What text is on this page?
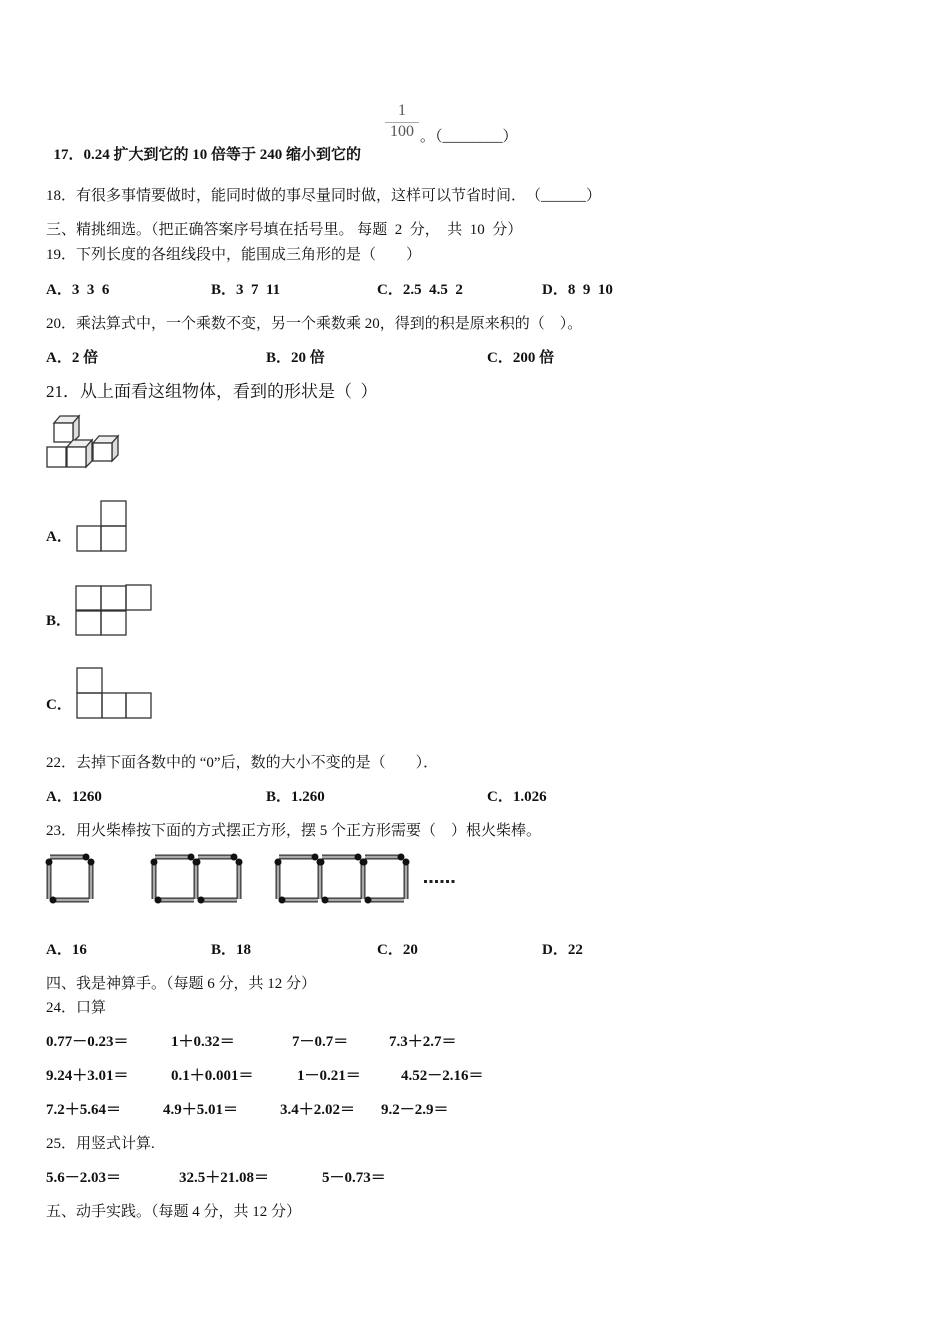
17．0.24 扩大到它的 10 倍等于 240 缩小到它的

$\frac{1}{100}$ 。（________）
18．有很多事情要做时，能同时做的事尽量同时做，这样可以节省时间．　（______）
三、精挑细选。（把正确答案序号填在括号里。 每题  2  分，  共  10  分）
19．下列长度的各组线段中，能围成三角形的是（　　）
A．3  3  6	B．3  7  11	C．2.5  4.5  2	D．8  9  10
20．乘法算式中，一个乘数不变，另一个乘数乘 20，得到的积是原来积的（　）。
A．2 倍	B．20 倍	C．200 倍
21．从上面看这组物体，看到的形状是（  ）
A．
B．
C．
22．去掉下面各数中的 “0”后，数的大小不变的是（　　）．
A．1260	B．1.260	C．1.026
23．用火柴棒按下面的方式摆正方形，摆 5 个正方形需要（　）根火柴棒。
A．16	B．18	C．20	D．22
四、我是神算手。（每题 6 分，共 12 分）
24．口算
0.77－0.23＝	1＋0.32＝	7－0.7＝	7.3＋2.7＝
9.24＋3.01＝	0.1＋0.001＝	1－0.21＝	4.52－2.16＝
7.2＋5.64＝	4.9＋5.01＝	3.4＋2.02＝ 9.2－2.9＝
25．用竖式计算.
5.6－2.03＝	32.5＋21.08＝	5－0.73＝
五、动手实践。（每题 4 分，共 12 分）
